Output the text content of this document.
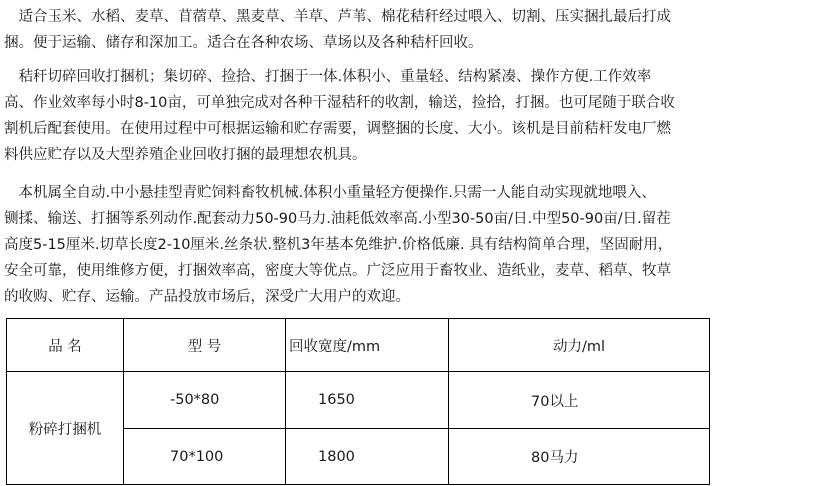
　适合玉米、水稻、麦草、苜蓿草、黑麦草、羊草、芦苇、棉花秸秆经过喂入、切割、压实捆扎最后打成
捆。便于运输、储存和深加工。适合在各种农场、草场以及各种秸杆回收。
　秸秆切碎回收打捆机；集切碎、捡拾、打捆于一体.体积小、重量轻、结构紧凑、操作方便.工作效率
高、作业效率每小时8-10亩，可单独完成对各种干湿秸秆的收割，输送，捡拾，打捆。也可尾随于联合收
割机后配套使用。在使用过程中可根据运输和贮存需要，调整捆的长度、大小。该机是目前秸杆发电厂燃
料供应贮存以及大型养殖企业回收打捆的最理想农机具。
　本机属全自动.中小悬挂型青贮饲料畜牧机械.体积小重量轻方便操作.只需一人能自动实现就地喂入、
铡揉、输送、打捆等系列动作.配套动力50-90马力.油耗低效率高.小型30-50亩/日.中型50-90亩/日.留茬
高度5-15厘米.切草长度2-10厘米.丝条状.整机3年基本免维护.价格低廉. 具有结构简单合理，坚固耐用，
安全可靠，使用维修方便，打捆效率高，密度大等优点。广泛应用于畜牧业、造纸业，麦草、稻草、牧草
的收购、贮存、运输。产品投放市场后，深受广大用户的欢迎。
品 名	型 号	回收宽度/mm	动力/ml
粉碎打捆机	-50*80	1650	70以上
	70*100	1800	80马力
